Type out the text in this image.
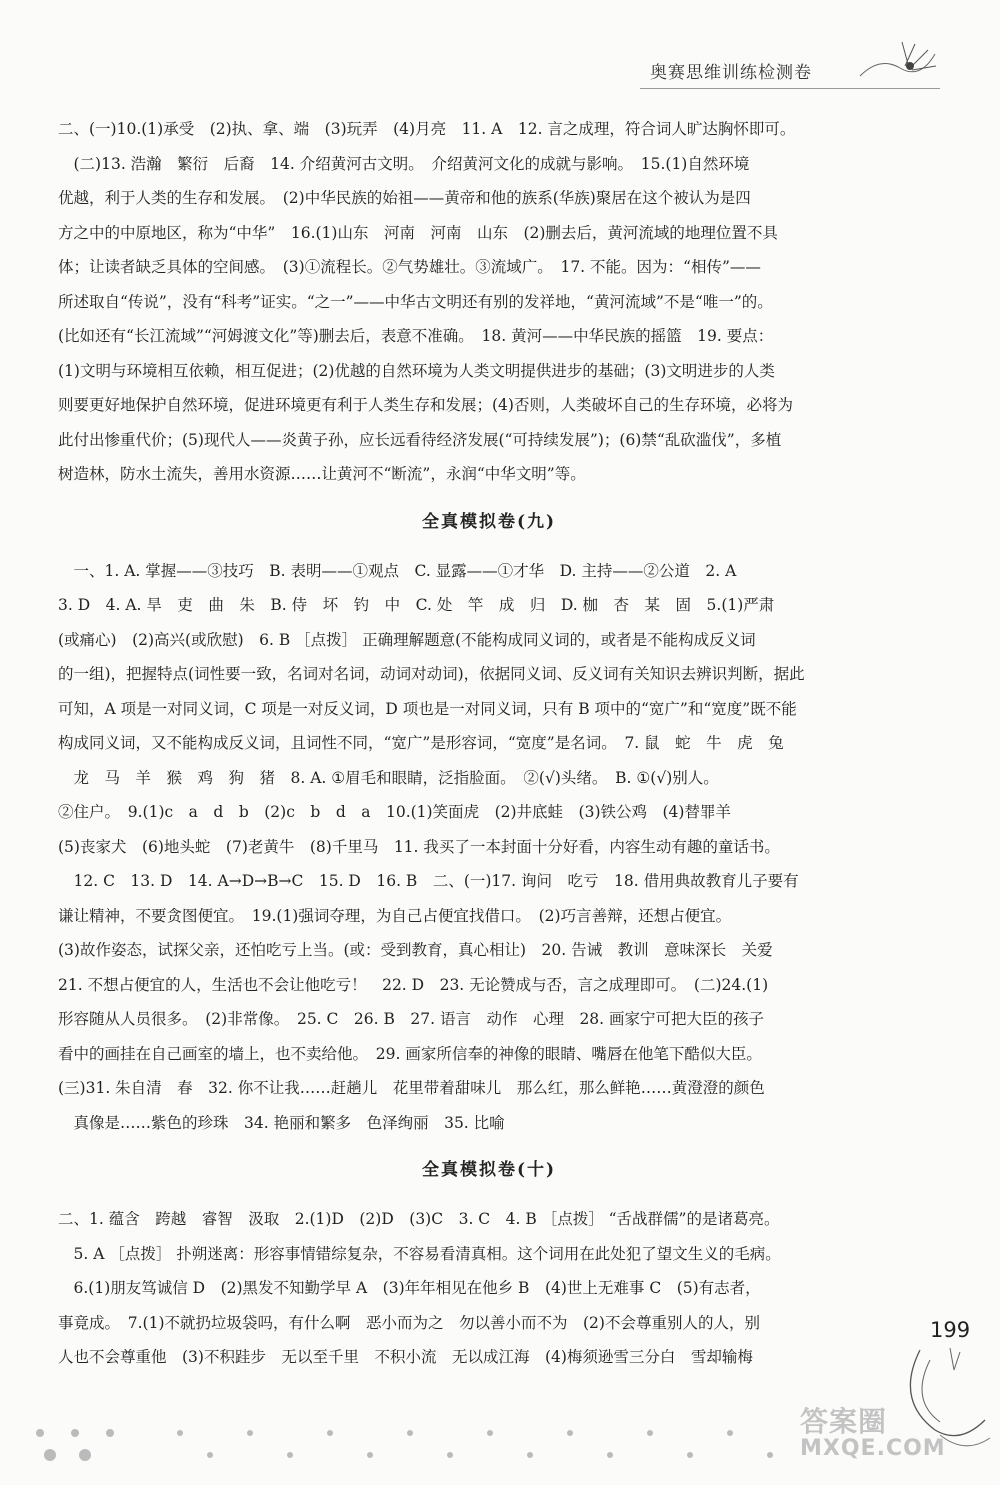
奥赛思维训练检测卷
二、(一)10.(1)承受　(2)执、拿、端　(3)玩弄　(4)月亮　11. A　12. 言之成理，符合词人旷达胸怀即可。
　(二)13. 浩瀚　繁衍　后裔　14. 介绍黄河古文明。　介绍黄河文化的成就与影响。　15.(1)自然环境
优越，利于人类的生存和发展。　(2)中华民族的始祖——黄帝和他的族系(华族)聚居在这个被认为是四
方之中的中原地区，称为“中华”　16.(1)山东　河南　河南　山东　(2)删去后，黄河流域的地理位置不具
体；让读者缺乏具体的空间感。　(3)①流程长。②气势雄壮。③流域广。　17. 不能。因为：“相传”——
所述取自“传说”，没有“科考”证实。“之一”——中华古文明还有别的发祥地，“黄河流域”不是“唯一”的。
(比如还有“长江流域”“河姆渡文化”等)删去后，表意不准确。　18. 黄河——中华民族的摇篮　19. 要点：
(1)文明与环境相互依赖，相互促进；(2)优越的自然环境为人类文明提供进步的基础；(3)文明进步的人类
则要更好地保护自然环境，促进环境更有利于人类生存和发展；(4)否则，人类破坏自己的生存环境，必将为
此付出惨重代价；(5)现代人——炎黄子孙，应长远看待经济发展(“可持续发展”)；(6)禁“乱砍滥伐”，多植
树造林，防水土流失，善用水资源……让黄河不“断流”，永润“中华文明”等。
全真模拟卷(九)
　一、1. A. 掌握——③技巧　B. 表明——①观点　C. 显露——①才华　D. 主持——②公道　2. A
3. D　4. A. 旱　吏　曲　朱　B. 侍　坏　钓　中　C. 处　竿　成　归　D. 枷　杏　某　固　5.(1)严肃
(或痛心)　(2)高兴(或欣慰)　6. B ［点拨］ 正确理解题意(不能构成同义词的，或者是不能构成反义词
的一组)，把握特点(词性要一致，名词对名词，动词对动词)，依据同义词、反义词有关知识去辨识判断，据此
可知，A 项是一对同义词，C 项是一对反义词，D 项也是一对同义词，只有 B 项中的“宽广”和“宽度”既不能
构成同义词，又不能构成反义词，且词性不同，“宽广”是形容词，“宽度”是名词。　7. 鼠　蛇　牛　虎　兔
　龙　马　羊　猴　鸡　狗　猪　8. A. ①眉毛和眼睛，泛指脸面。　②(√)头绪。　B. ①(√)别人。
②住户。　9.(1)c　a　d　b　(2)c　b　d　a　10.(1)笑面虎　(2)井底蛙　(3)铁公鸡　(4)替罪羊
(5)丧家犬　(6)地头蛇　(7)老黄牛　(8)千里马　11. 我买了一本封面十分好看，内容生动有趣的童话书。
　12. C　13. D　14. A→D→B→C　15. D　16. B　二、(一)17. 询问　吃亏　18. 借用典故教育儿子要有
谦让精神，不要贪图便宜。　19.(1)强词夺理，为自己占便宜找借口。　(2)巧言善辩，还想占便宜。
(3)故作姿态，试探父亲，还怕吃亏上当。(或：受到教育，真心相让)　20. 告诫　教训　意味深长　关爱
21. 不想占便宜的人，生活也不会让他吃亏！　22. D　23. 无论赞成与否，言之成理即可。　(二)24.(1)
形容随从人员很多。　(2)非常像。　25. C　26. B　27. 语言　动作　心理　28. 画家宁可把大臣的孩子
看中的画挂在自己画室的墙上，也不卖给他。　29. 画家所信奉的神像的眼睛、嘴唇在他笔下酷似大臣。
(三)31. 朱自清　春　32. 你不让我……赶趟儿　花里带着甜味儿　那么红，那么鲜艳……黄澄澄的颜色
　真像是……紫色的珍珠　34. 艳丽和繁多　色泽绚丽　35. 比喻
全真模拟卷(十)
二、1. 蕴含　跨越　睿智　汲取　2.(1)D　(2)D　(3)C　3. C　4. B ［点拨］ “舌战群儒”的是诸葛亮。
　5. A ［点拨］ 扑朔迷离：形容事情错综复杂，不容易看清真相。这个词用在此处犯了望文生义的毛病。
　6.(1)朋友笃诚信 D　(2)黑发不知勤学早 A　(3)年年相见在他乡 B　(4)世上无难事 C　(5)有志者，
事竟成。　7.(1)不就扔垃圾袋吗，有什么啊　恶小而为之　勿以善小而不为　(2)不会尊重别人的人，别
人也不会尊重他　(3)不积跬步　无以至千里　不积小流　无以成江海　(4)梅须逊雪三分白　雪却输梅
199
答案圈
MXQE.COM
